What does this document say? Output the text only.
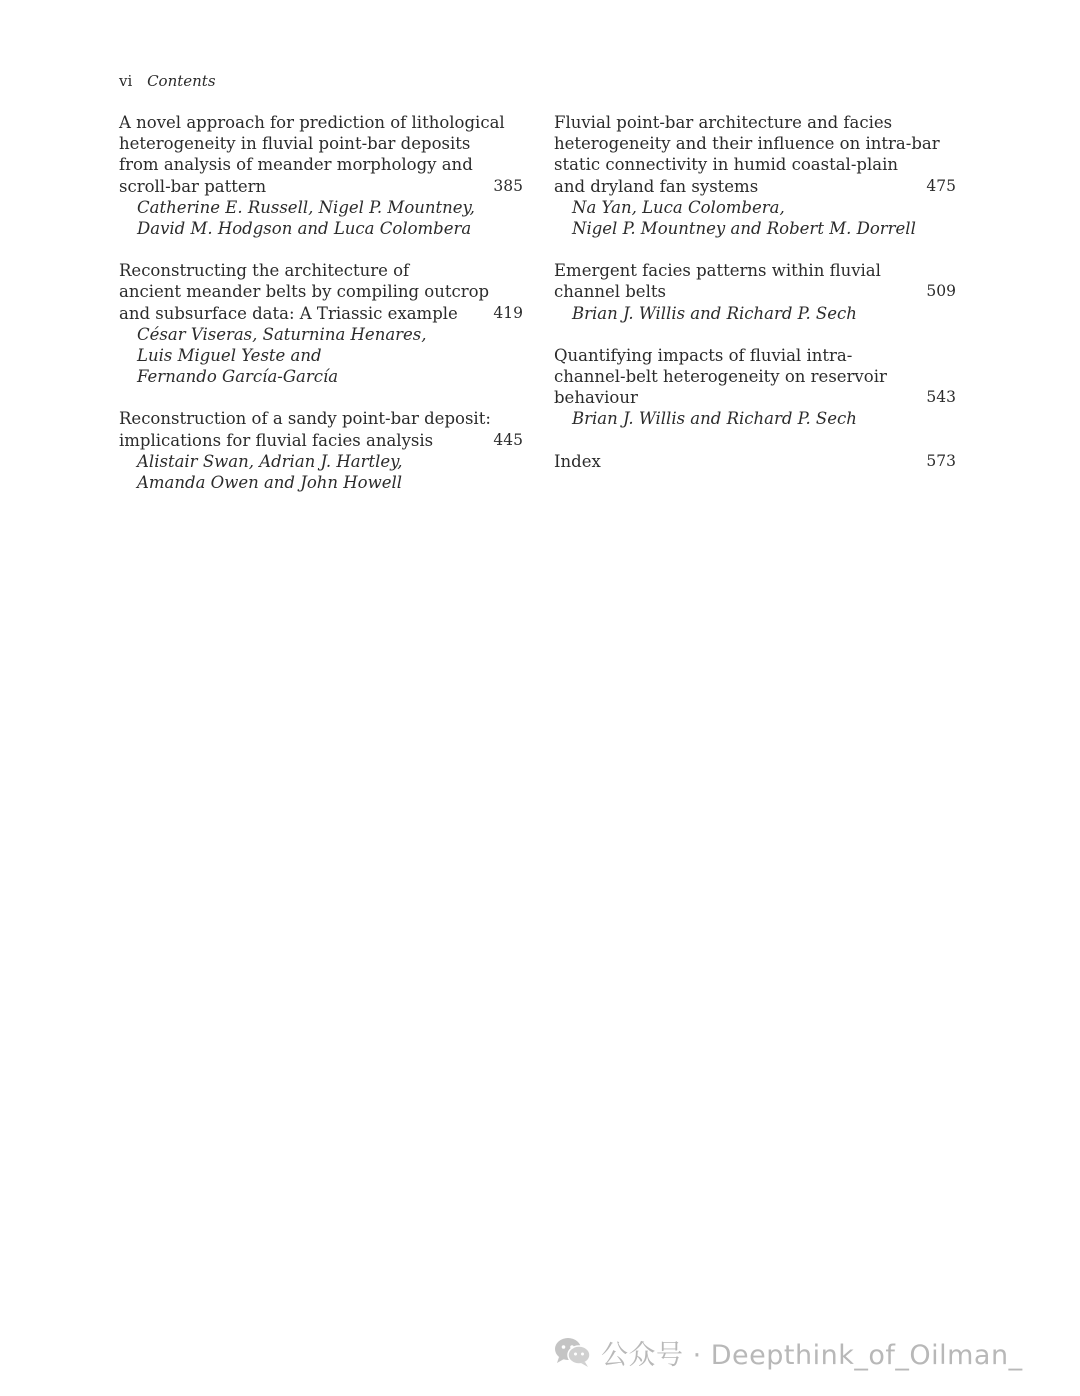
vi Contents
A novel approach for prediction of lithological
heterogeneity in fluvial point-bar deposits
from analysis of meander morphology and
scroll-bar pattern	385
Catherine E. Russell, Nigel P. Mountney,
David M. Hodgson and Luca Colombera
Reconstructing the architecture of
ancient meander belts by compiling outcrop
and subsurface data: A Triassic example	419
César Viseras, Saturnina Henares,
Luis Miguel Yeste and
Fernando García-García
Reconstruction of a sandy point-bar deposit:
implications for fluvial facies analysis	445
Alistair Swan, Adrian J. Hartley,
Amanda Owen and John Howell
Fluvial point-bar architecture and facies
heterogeneity and their influence on intra-bar
static connectivity in humid coastal-plain
and dryland fan systems	475
Na Yan, Luca Colombera,
Nigel P. Mountney and Robert M. Dorrell
Emergent facies patterns within fluvial
channel belts	509
Brian J. Willis and Richard P. Sech
Quantifying impacts of fluvial intra-
channel-belt heterogeneity on reservoir
behaviour	543
Brian J. Willis and Richard P. Sech
Index	573
公众号 · Deepthink_of_Oilman_
